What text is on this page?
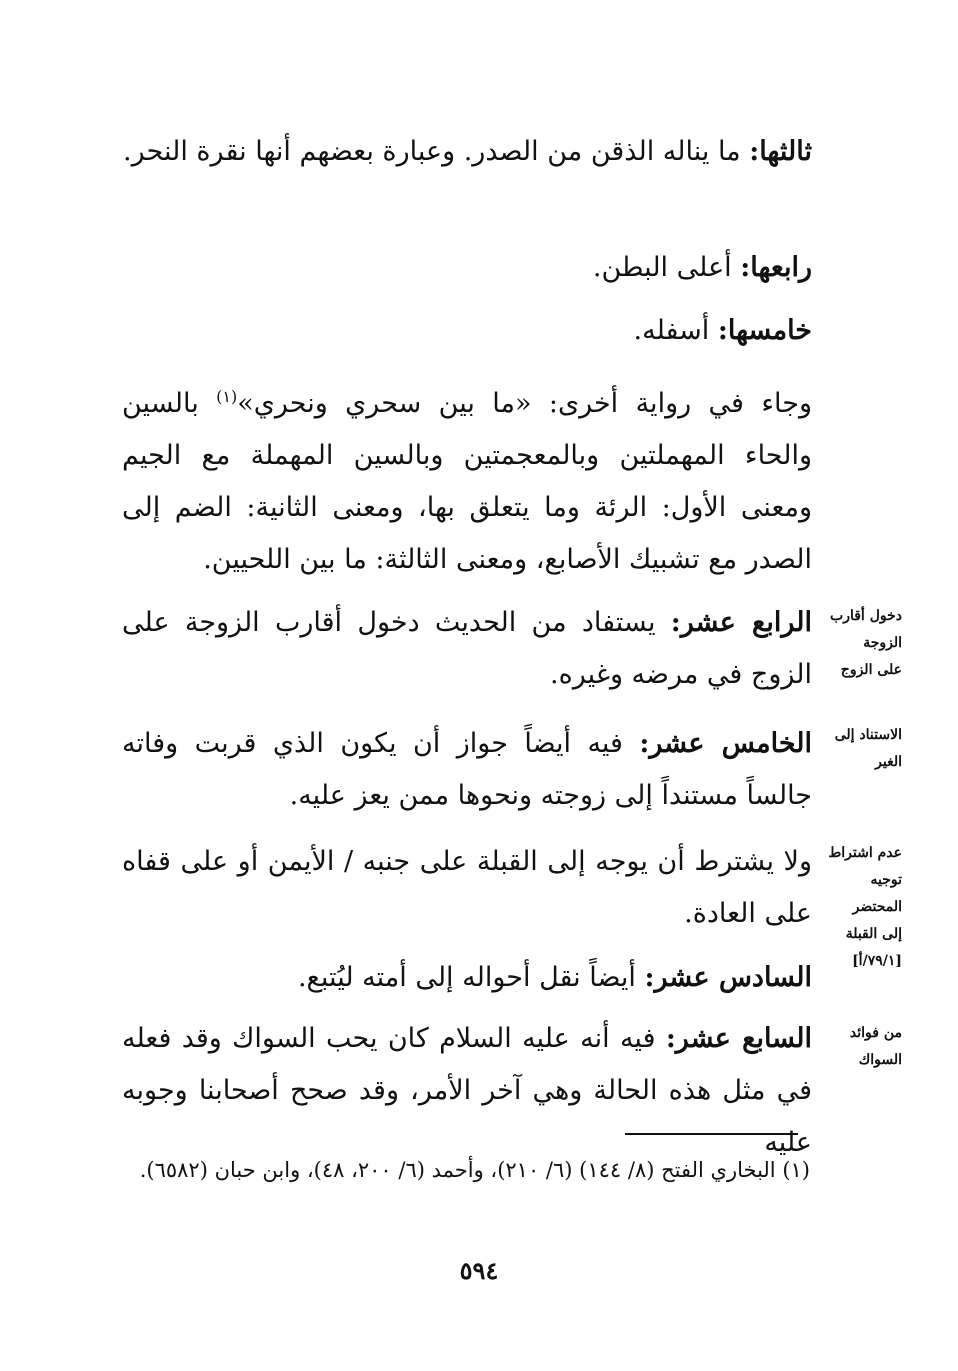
ثالثها: ما يناله الذقن من الصدر. وعبارة بعضهم أنها نقرة النحر.
رابعها: أعلى البطن.
خامسها: أسفله.
وجاء في رواية أخرى: «ما بين سحري ونحري»$^{(١)}$ بالسين والحاء المهملتين وبالمعجمتين وبالسين المهملة مع الجيم ومعنى الأول: الرئة وما يتعلق بها، ومعنى الثانية: الضم إلى الصدر مع تشبيك الأصابع، ومعنى الثالثة: ما بين اللحيين.
الرابع عشر: يستفاد من الحديث دخول أقارب الزوجة على الزوج في مرضه وغيره.
دخول أقارب
الزوجة
على الزوج
الخامس عشر: فيه أيضاً جواز أن يكون الذي قربت وفاته جالساً مستنداً إلى زوجته ونحوها ممن يعز عليه.
الاستناد إلى
الغير
ولا يشترط أن يوجه إلى القبلة على جنبه / الأيمن أو على قفاه على العادة.
عدم اشتراط
توجيه
المحتضر
إلى القبلة
[٧٩/١/أ]
السادس عشر: أيضاً نقل أحواله إلى أمته ليُتبع.
السابع عشر: فيه أنه عليه السلام كان يحب السواك وقد فعله في مثل هذه الحالة وهي آخر الأمر، وقد صحح أصحابنا وجوبه عليه
من فوائد
السواك
(١) البخاري الفتح (٨/ ١٤٤) (٦/ ٢١٠)، وأحمد (٦/ ٢٠٠، ٤٨)، وابن حبان (٦٥٨٢).
٥٩٤
